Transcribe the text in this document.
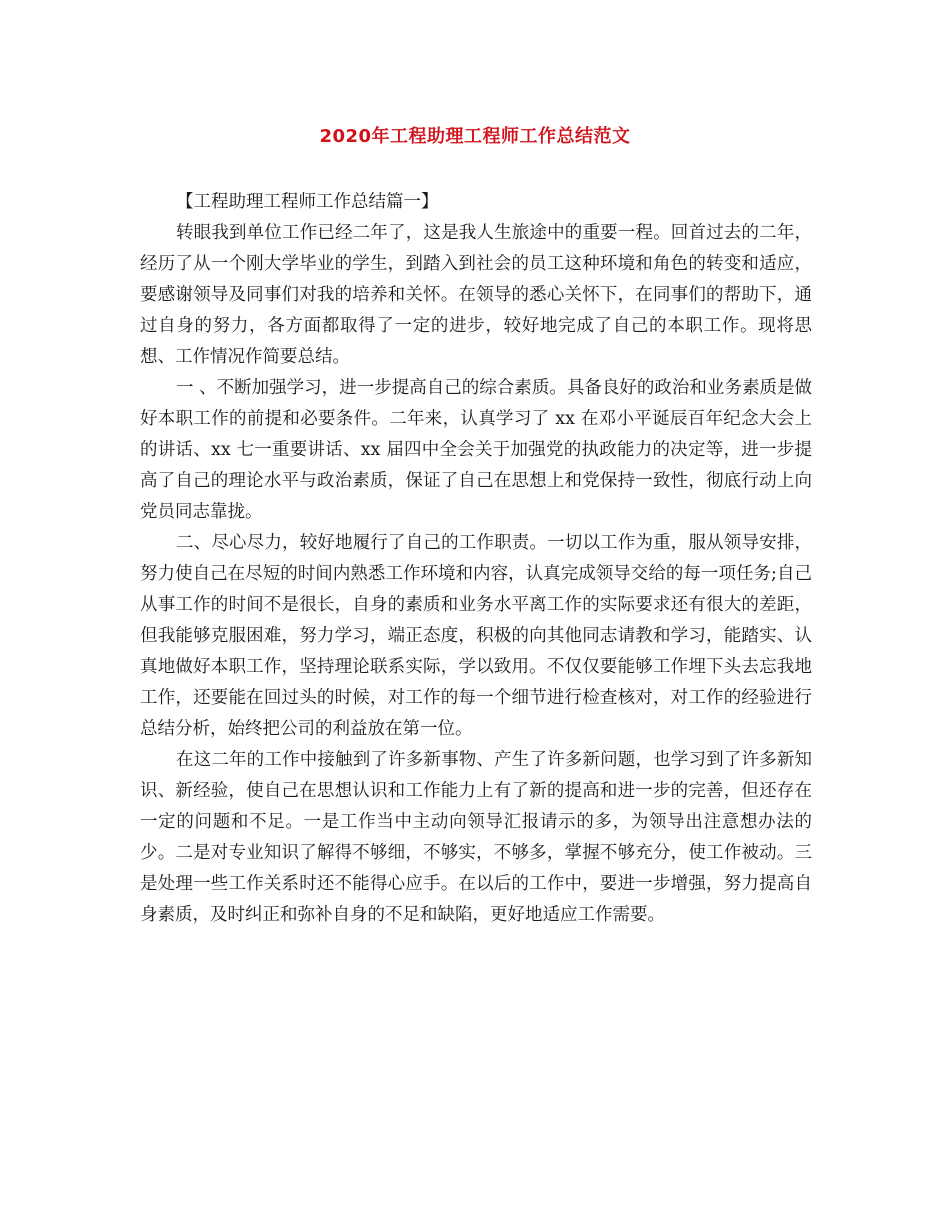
2020年工程助理工程师工作总结范文

【工程助理工程师工作总结篇一】

转眼我到单位工作已经二年了，这是我人生旅途中的重要一程。回首过去的二年，经历了从一个刚大学毕业的学生，到踏入到社会的员工这种环境和角色的转变和适应，要感谢领导及同事们对我的培养和关怀。在领导的悉心关怀下，在同事们的帮助下，通过自身的努力，各方面都取得了一定的进步，较好地完成了自己的本职工作。现将思想、工作情况作简要总结。

一 、不断加强学习，进一步提高自己的综合素质。具备良好的政治和业务素质是做好本职工作的前提和必要条件。二年来，认真学习了 xx 在邓小平诞辰百年纪念大会上的讲话、xx 七一重要讲话、xx 届四中全会关于加强党的执政能力的决定等，进一步提高了自己的理论水平与政治素质，保证了自己在思想上和党保持一致性，彻底行动上向党员同志靠拢。

二、尽心尽力，较好地履行了自己的工作职责。一切以工作为重，服从领导安排，努力使自己在尽短的时间内熟悉工作环境和内容，认真完成领导交给的每一项任务;自己从事工作的时间不是很长，自身的素质和业务水平离工作的实际要求还有很大的差距，但我能够克服困难，努力学习，端正态度，积极的向其他同志请教和学习，能踏实、认真地做好本职工作，坚持理论联系实际，学以致用。不仅仅要能够工作埋下头去忘我地工作，还要能在回过头的时候，对工作的每一个细节进行检查核对，对工作的经验进行总结分析，始终把公司的利益放在第一位。

在这二年的工作中接触到了许多新事物、产生了许多新问题，也学习到了许多新知识、新经验，使自己在思想认识和工作能力上有了新的提高和进一步的完善，但还存在一定的问题和不足。一是工作当中主动向领导汇报请示的多，为领导出注意想办法的少。二是对专业知识了解得不够细，不够实，不够多，掌握不够充分，使工作被动。三是处理一些工作关系时还不能得心应手。在以后的工作中，要进一步增强，努力提高自身素质，及时纠正和弥补自身的不足和缺陷，更好地适应工作需要。
